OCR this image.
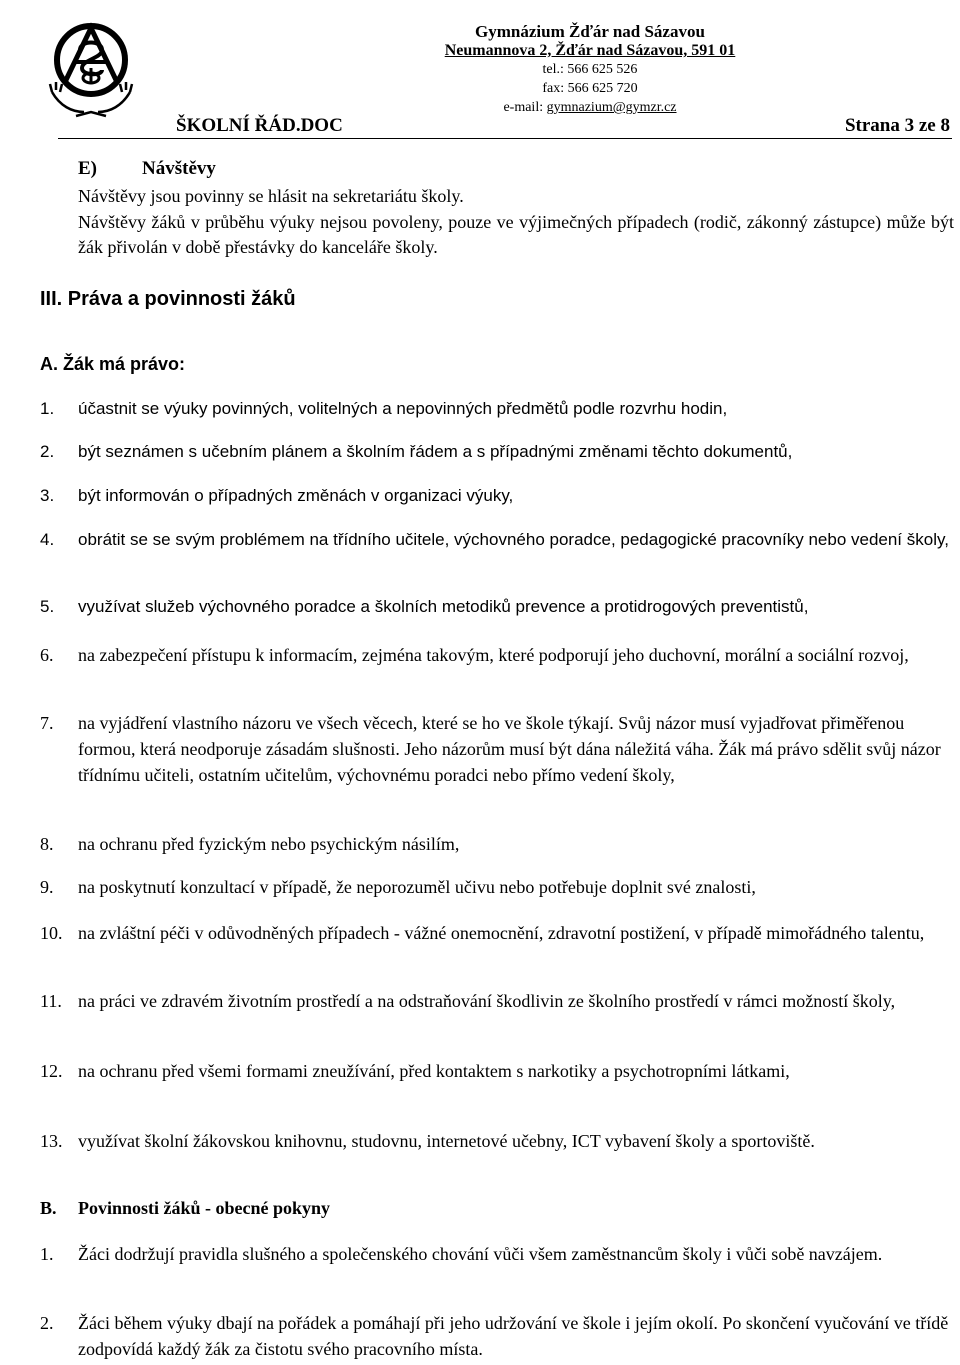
Gymnázium Žďár nad Sázavou
Neumannova 2, Žďár nad Sázavou, 591 01
tel.: 566 625 526
fax: 566 625 720
e-mail: gymnazium@gymzr.cz
ŠKOLNÍ ŘÁD.DOC	Strana 3 ze 8
E) Návštěvy
Návštěvy jsou povinny se hlásit na sekretariátu školy.
Návštěvy žáků v průběhu výuky nejsou povoleny, pouze ve výjimečných případech (rodič, zákonný zástupce) může být žák přivolán v době přestávky do kanceláře školy.
III. Práva a povinnosti žáků
A. Žák má právo:
1.	účastnit se výuky povinných, volitelných a nepovinných předmětů podle rozvrhu hodin,
2.	být seznámen s učebním plánem a školním řádem a s případnými změnami těchto dokumentů,
3.	být informován o případných změnách v organizaci výuky,
4.	obrátit se se svým problémem na třídního učitele, výchovného poradce, pedagogické pracovníky nebo vedení školy,
5.	využívat služeb výchovného poradce a školních metodiků prevence a protidrogových preventistů,
6.	na zabezpečení přístupu k informacím, zejména takovým, které podporují jeho duchovní, morální a sociální rozvoj,
7.	na vyjádření vlastního názoru ve všech věcech, které se ho ve škole týkají. Svůj názor musí vyjadřovat přiměřenou formou, která neodporuje zásadám slušnosti. Jeho názorům musí být dána náležitá váha. Žák má právo sdělit svůj názor třídnímu učiteli, ostatním učitelům, výchovnému poradci nebo přímo vedení školy,
8.	na ochranu před fyzickým nebo psychickým násilím,
9.	na poskytnutí konzultací v případě, že neporozuměl učivu nebo potřebuje doplnit své znalosti,
10. na zvláštní péči v odůvodněných případech - vážné onemocnění, zdravotní postižení, v případě mimořádného talentu,
11. na práci ve zdravém životním prostředí a na odstraňování škodlivin ze školního prostředí v rámci možností školy,
12. na ochranu před všemi formami zneužívání, před kontaktem s narkotiky a psychotropními látkami,
13. využívat školní žákovskou knihovnu, studovnu, internetové učebny, ICT vybavení školy a sportoviště.
B. Povinnosti žáků - obecné pokyny
1.	Žáci dodržují pravidla slušného a společenského chování vůči všem zaměstnancům školy i vůči sobě navzájem.
2.	Žáci během výuky dbají na pořádek a pomáhají při jeho udržování ve škole i jejím okolí. Po skončení vyučování ve třídě zodpovídá každý žák za čistotu svého pracovního místa.
